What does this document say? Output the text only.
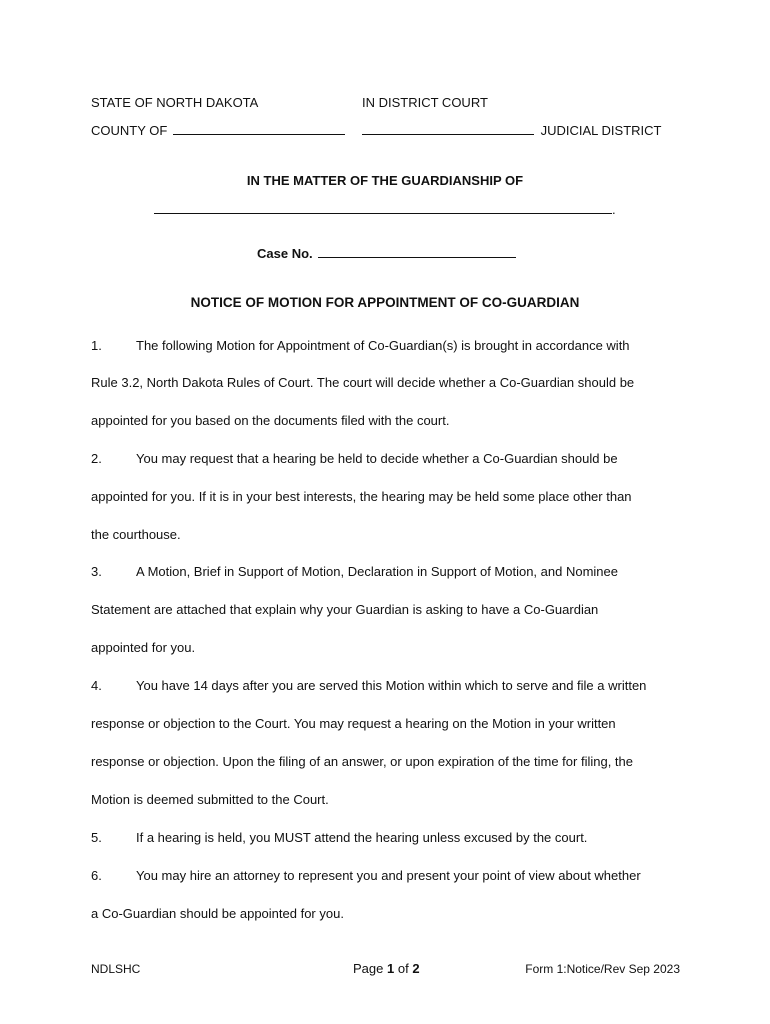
STATE OF NORTH DAKOTA	IN DISTRICT COURT
COUNTY OF	JUDICIAL DISTRICT
IN THE MATTER OF THE GUARDIANSHIP OF
.
Case No.
NOTICE OF MOTION FOR APPOINTMENT OF CO-GUARDIAN
1.	The following Motion for Appointment of Co-Guardian(s) is brought in accordance with
Rule 3.2, North Dakota Rules of Court. The court will decide whether a Co-Guardian should be
appointed for you based on the documents filed with the court.
2.	You may request that a hearing be held to decide whether a Co-Guardian should be
appointed for you. If it is in your best interests, the hearing may be held some place other than
the courthouse.
3.	A Motion, Brief in Support of Motion, Declaration in Support of Motion, and Nominee
Statement are attached that explain why your Guardian is asking to have a Co-Guardian
appointed for you.
4.	You have 14 days after you are served this Motion within which to serve and file a written
response or objection to the Court. You may request a hearing on the Motion in your written
response or objection. Upon the filing of an answer, or upon expiration of the time for filing, the
Motion is deemed submitted to the Court.
5.	If a hearing is held, you MUST attend the hearing unless excused by the court.
6.	You may hire an attorney to represent you and present your point of view about whether
a Co-Guardian should be appointed for you.
NDLSHC	Page 1 of 2	Form 1:Notice/Rev Sep 2023
